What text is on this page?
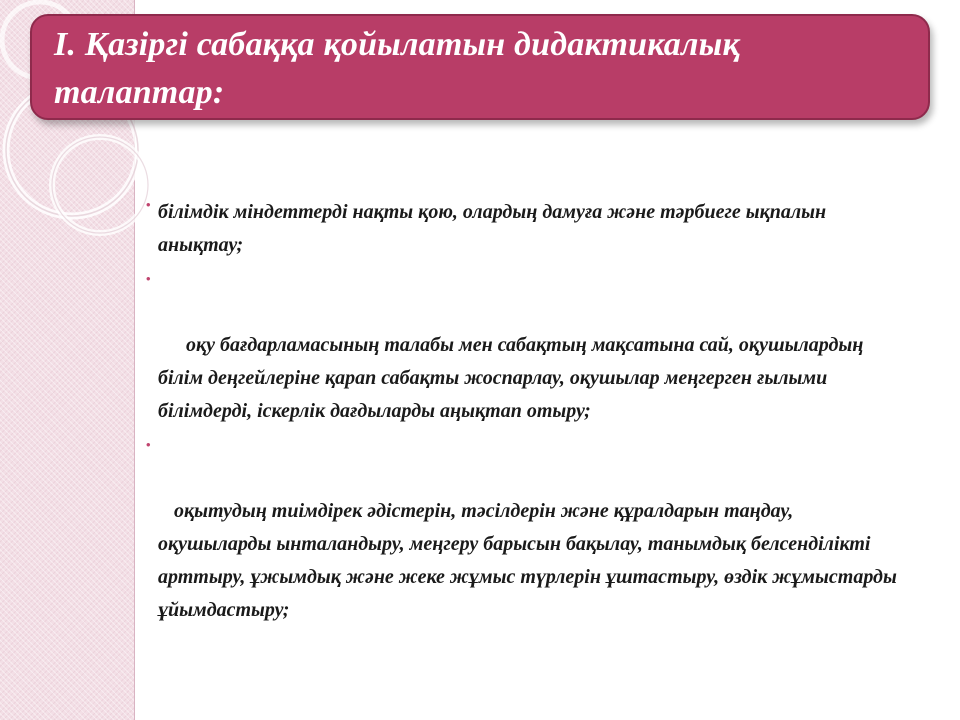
I. Қазіргі сабаққа қойылатын дидактикалық талаптар:
• білімдік міндеттерді нақты қою, олардың дамуға және тәрбиеге ықпалын анықтау;
•
оқу бағдарламасының талабы мен сабақтың мақсатына сай, оқушылардың білім деңгейлеріне қарап сабақты жоспарлау, оқушылар меңгерген ғылыми білімдерді, іскерлік дағдыларды аңықтап отыру;
•
оқытудың тиімдірек әдістерін, тәсілдерін және құралдарын таңдау, оқушыларды ынталандыру, меңгеру барысын бақылау, танымдық белсенділікті арттыру, ұжымдық және жеке жұмыс түрлерін ұштастыру, өздік жұмыстарды ұйымдастыру;
